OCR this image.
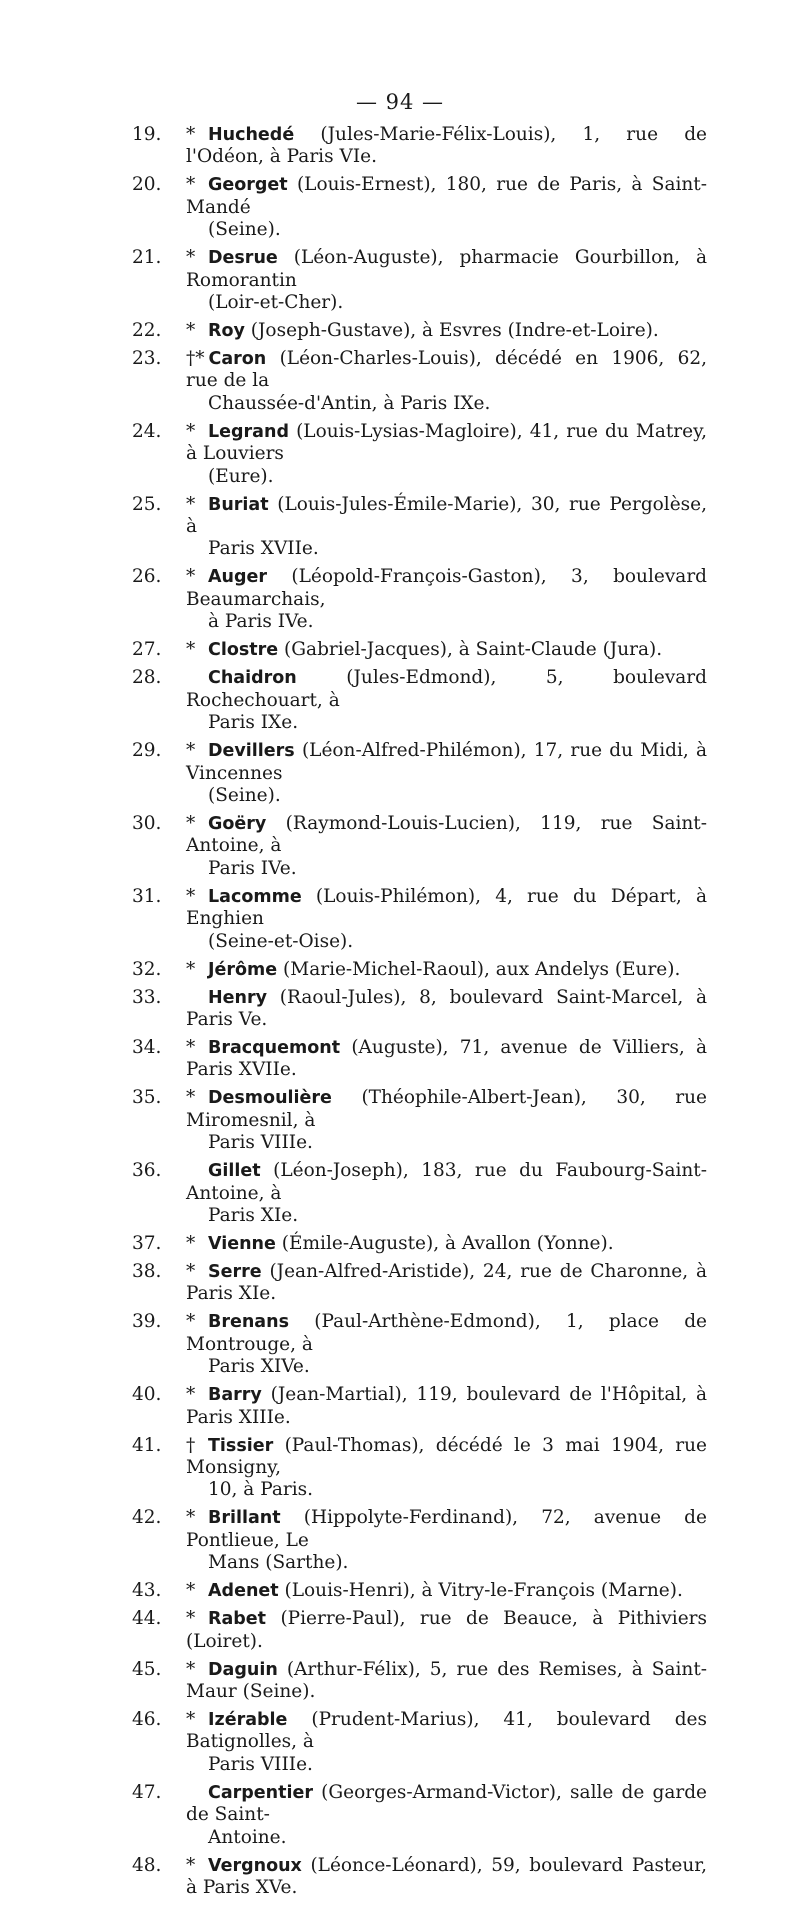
— 94 —
19.	* Huchedé (Jules-Marie-Félix-Louis), 1, rue de l'Odéon, à Paris VIe.
20.	* Georget (Louis-Ernest), 180, rue de Paris, à Saint-Mandé
(Seine).
21.	* Desrue (Léon-Auguste), pharmacie Gourbillon, à Romorantin
(Loir-et-Cher).
22.	* Roy (Joseph-Gustave), à Esvres (Indre-et-Loire).
23.	†* Caron (Léon-Charles-Louis), décédé en 1906, 62, rue de la
Chaussée-d'Antin, à Paris IXe.
24.	* Legrand (Louis-Lysias-Magloire), 41, rue du Matrey, à Louviers
(Eure).
25.	* Buriat (Louis-Jules-Émile-Marie), 30, rue Pergolèse, à
Paris XVIIe.
26.	* Auger (Léopold-François-Gaston), 3, boulevard Beaumarchais,
à Paris IVe.
27.	* Clostre (Gabriel-Jacques), à Saint-Claude (Jura).
28.	Chaidron	(Jules-Edmond), 5, boulevard Rochechouart, à
Paris IXe.
29.	* Devillers (Léon-Alfred-Philémon), 17, rue du Midi, à Vincennes
(Seine).
30.	* Goëry (Raymond-Louis-Lucien), 119, rue Saint-Antoine, à
Paris IVe.
31.	* Lacomme (Louis-Philémon), 4, rue du Départ, à Enghien
(Seine-et-Oise).
32.	* Jérôme (Marie-Michel-Raoul), aux Andelys (Eure).
33.	Henry (Raoul-Jules), 8, boulevard Saint-Marcel, à Paris Ve.
34.	* Bracquemont (Auguste), 71, avenue de Villiers, à Paris XVIIe.
35.	* Desmoulière (Théophile-Albert-Jean), 30, rue Miromesnil, à
Paris VIIIe.
36.	Gillet (Léon-Joseph), 183, rue du Faubourg-Saint-Antoine, à
Paris XIe.
37.	* Vienne (Émile-Auguste), à Avallon (Yonne).
38.	* Serre (Jean-Alfred-Aristide), 24, rue de Charonne, à Paris XIe.
39.	* Brenans (Paul-Arthène-Edmond), 1, place de Montrouge, à
Paris XIVe.
40.	* Barry (Jean-Martial), 119, boulevard de l'Hôpital, à Paris XIIIe.
41.	† Tissier (Paul-Thomas), décédé le 3 mai 1904, rue Monsigny,
10, à Paris.
42.	* Brillant (Hippolyte-Ferdinand), 72, avenue de Pontlieue, Le
Mans (Sarthe).
43.	* Adenet (Louis-Henri), à Vitry-le-François (Marne).
44.	* Rabet (Pierre-Paul), rue de Beauce, à Pithiviers (Loiret).
45.	* Daguin (Arthur-Félix), 5, rue des Remises, à Saint-Maur (Seine).
46.	* Izérable (Prudent-Marius), 41, boulevard des Batignolles, à
Paris VIIIe.
47.	Carpentier (Georges-Armand-Victor), salle de garde de Saint-
Antoine.
48.	* Vergnoux (Léonce-Léonard), 59, boulevard Pasteur, à Paris XVe.
